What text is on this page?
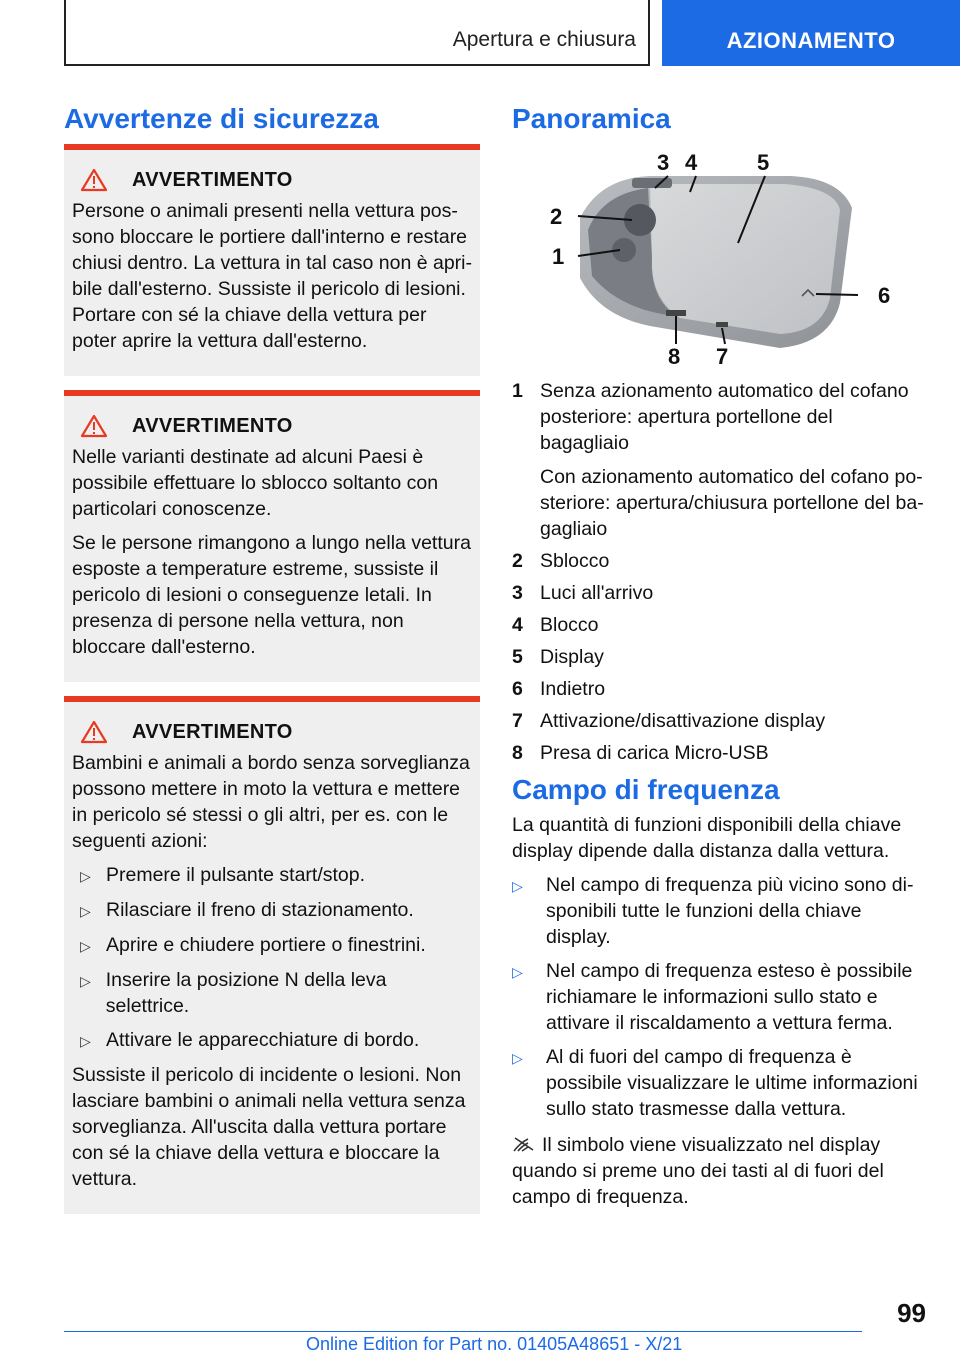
Apertura e chiusura	AZIONAMENTO
Avvertenze di sicurezza
AVVERTIMENTO
Persone o animali presenti nella vettura possono bloccare le portiere dall'interno e restare chiusi dentro. La vettura in tal caso non è apribile dall'esterno. Sussiste il pericolo di lesioni. Portare con sé la chiave della vettura per poter aprire la vettura dall'esterno.
AVVERTIMENTO
Nelle varianti destinate ad alcuni Paesi è possibile effettuare lo sblocco soltanto con particolari conoscenze.
Se le persone rimangono a lungo nella vettura esposte a temperature estreme, sussiste il pericolo di lesioni o conseguenze letali. In presenza di persone nella vettura, non bloccare dall'esterno.
AVVERTIMENTO
Bambini e animali a bordo senza sorveglianza possono mettere in moto la vettura e mettere in pericolo sé stessi o gli altri, per es. con le seguenti azioni:
▷ Premere il pulsante start/stop.
▷ Rilasciare il freno di stazionamento.
▷ Aprire e chiudere portiere o finestrini.
▷ Inserire la posizione N della leva selettrice.
▷ Attivare le apparecchiature di bordo.
Sussiste il pericolo di incidente o lesioni. Non lasciare bambini o animali nella vettura senza sorveglianza. All'uscita dalla vettura portare con sé la chiave della vettura e bloccare la vettura.
Panoramica
1
2
3 4	5
6
7
8
1 Senza azionamento automatico del cofano posteriore: apertura portellone del bagagliaio
Con azionamento automatico del cofano posteriore: apertura/chiusura portellone del bagagliaio
2 Sblocco
3 Luci all'arrivo
4 Blocco
5 Display
6 Indietro
7 Attivazione/disattivazione display
8 Presa di carica Micro-USB
Campo di frequenza
La quantità di funzioni disponibili della chiave display dipende dalla distanza dalla vettura.
▷	Nel campo di frequenza più vicino sono disponibili tutte le funzioni della chiave display.
▷	Nel campo di frequenza esteso è possibile richiamare le informazioni sullo stato e attivare il riscaldamento a vettura ferma.
▷	Al di fuori del campo di frequenza è possibile visualizzare le ultime informazioni sullo stato trasmesse dalla vettura.
Il simbolo viene visualizzato nel display quando si preme uno dei tasti al di fuori del campo di frequenza.
99
Online Edition for Part no. 01405A48651 - X/21
